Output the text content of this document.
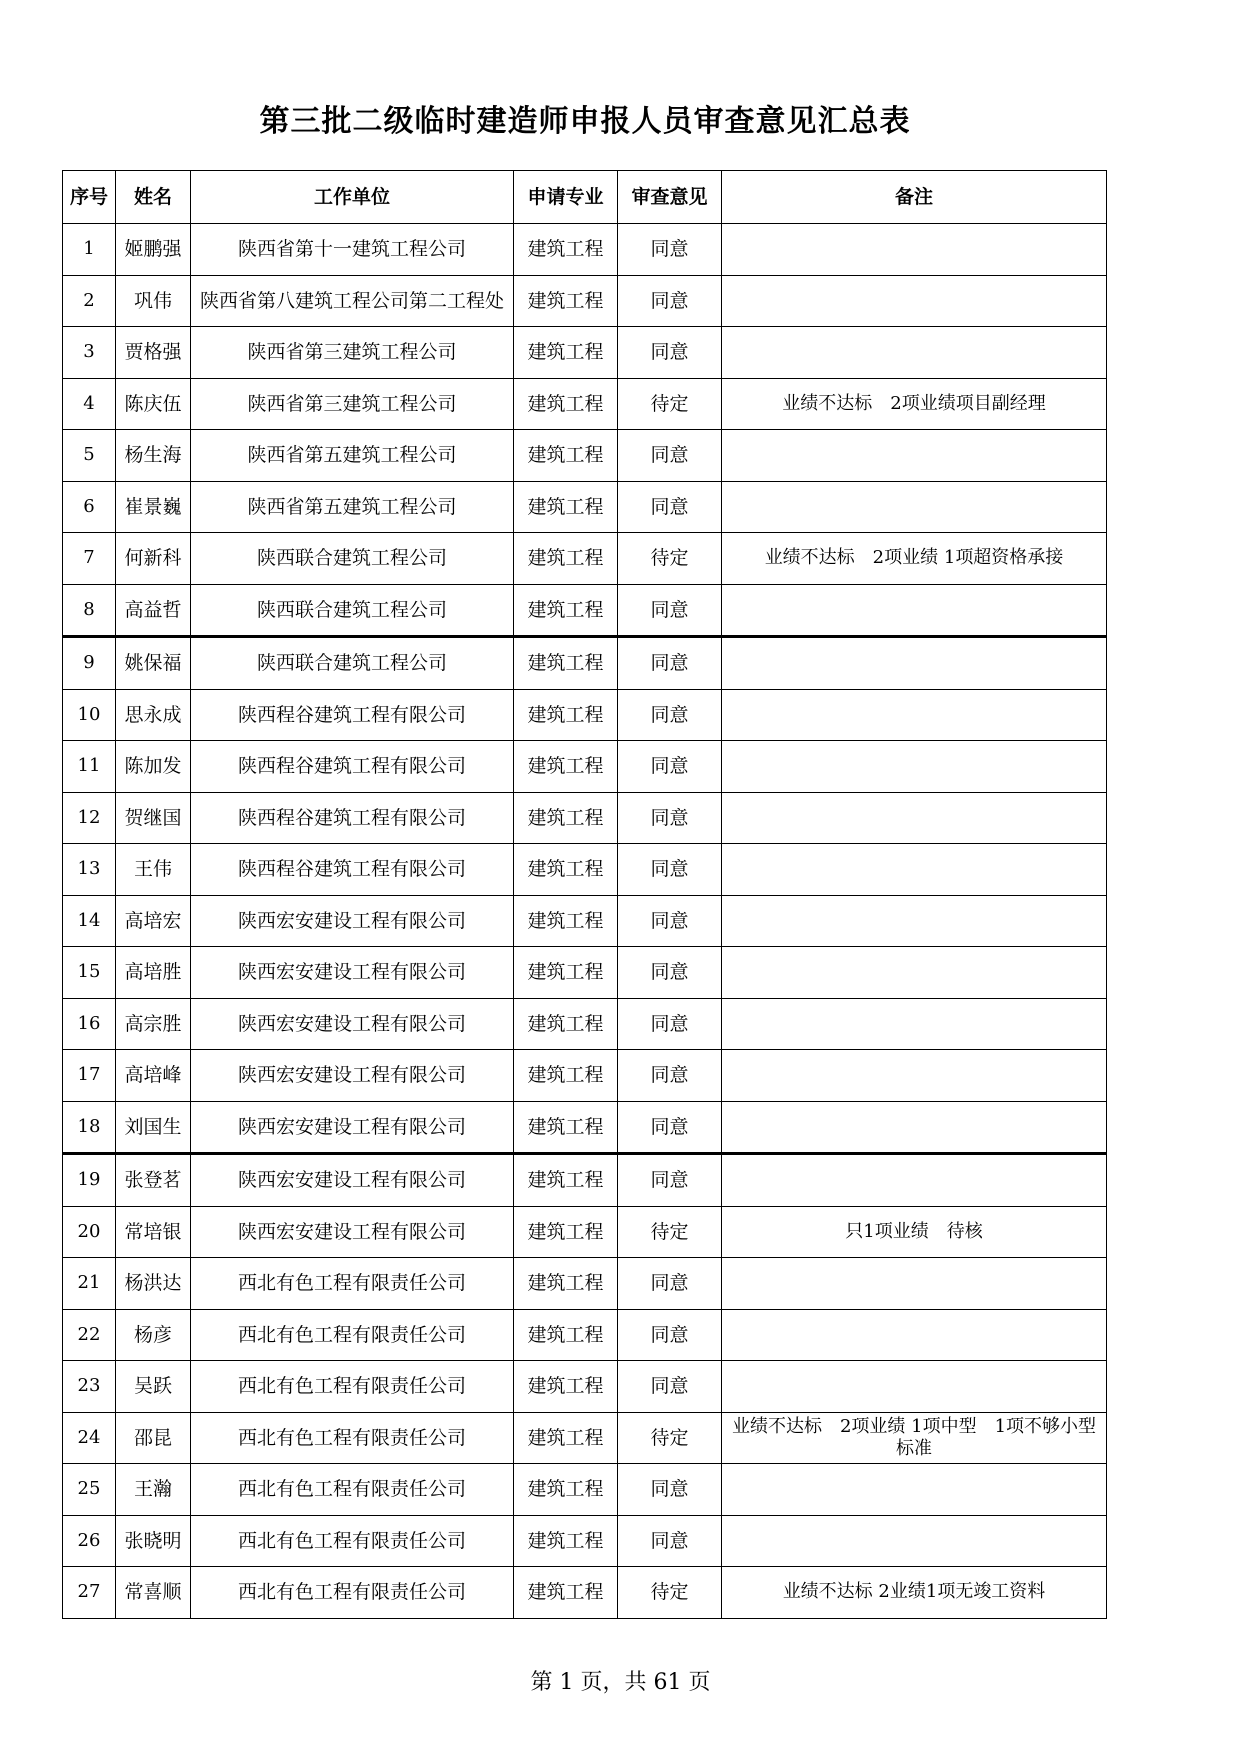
第三批二级临时建造师申报人员审查意见汇总表
序号	姓名	工作单位	申请专业	审查意见	备注
1	姬鹏强	陕西省第十一建筑工程公司	建筑工程	同意	
2	巩伟	陕西省第八建筑工程公司第二工程处	建筑工程	同意	
3	贾格强	陕西省第三建筑工程公司	建筑工程	同意	
4	陈庆伍	陕西省第三建筑工程公司	建筑工程	待定	业绩不达标　2项业绩项目副经理
5	杨生海	陕西省第五建筑工程公司	建筑工程	同意	
6	崔景巍	陕西省第五建筑工程公司	建筑工程	同意	
7	何新科	陕西联合建筑工程公司	建筑工程	待定	业绩不达标　2项业绩 1项超资格承接
8	高益哲	陕西联合建筑工程公司	建筑工程	同意	
9	姚保福	陕西联合建筑工程公司	建筑工程	同意	
10	思永成	陕西程谷建筑工程有限公司	建筑工程	同意	
11	陈加发	陕西程谷建筑工程有限公司	建筑工程	同意	
12	贺继国	陕西程谷建筑工程有限公司	建筑工程	同意	
13	王伟	陕西程谷建筑工程有限公司	建筑工程	同意	
14	高培宏	陕西宏安建设工程有限公司	建筑工程	同意	
15	高培胜	陕西宏安建设工程有限公司	建筑工程	同意	
16	高宗胜	陕西宏安建设工程有限公司	建筑工程	同意	
17	高培峰	陕西宏安建设工程有限公司	建筑工程	同意	
18	刘国生	陕西宏安建设工程有限公司	建筑工程	同意	
19	张登茗	陕西宏安建设工程有限公司	建筑工程	同意	
20	常培银	陕西宏安建设工程有限公司	建筑工程	待定	只1项业绩　待核
21	杨洪达	西北有色工程有限责任公司	建筑工程	同意	
22	杨彦	西北有色工程有限责任公司	建筑工程	同意	
23	吴跃	西北有色工程有限责任公司	建筑工程	同意	
24	邵昆	西北有色工程有限责任公司	建筑工程	待定	业绩不达标　2项业绩 1项中型　1项不够小型标准
25	王瀚	西北有色工程有限责任公司	建筑工程	同意	
26	张晓明	西北有色工程有限责任公司	建筑工程	同意	
27	常喜顺	西北有色工程有限责任公司	建筑工程	待定	业绩不达标 2业绩1项无竣工资料
第 1 页，共 61 页
